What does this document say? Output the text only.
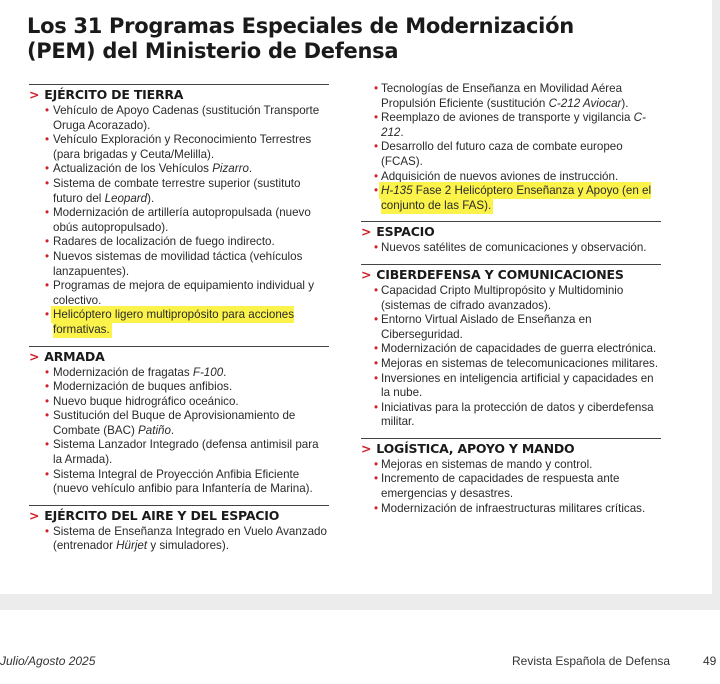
Los 31 Programas Especiales de Modernización (PEM) del Ministerio de Defensa
> EJÉRCITO DE TIERRA
• Vehículo de Apoyo Cadenas (sustitución Transporte Oruga Acorazado).
• Vehículo Exploración y Reconocimiento Terrestres (para brigadas y Ceuta/Melilla).
• Actualización de los Vehículos Pizarro.
• Sistema de combate terrestre superior (sustituto futuro del Leopard).
• Modernización de artillería autopropulsada (nuevo obús autopropulsado).
• Radares de localización de fuego indirecto.
• Nuevos sistemas de movilidad táctica (vehículos lanzapuentes).
• Programas de mejora de equipamiento individual y colectivo.
• Helicóptero ligero multipropósito para acciones formativas.
> ARMADA
• Modernización de fragatas F-100.
• Modernización de buques anfibios.
• Nuevo buque hidrográfico oceánico.
• Sustitución del Buque de Aprovisionamiento de Combate (BAC) Patiño.
• Sistema Lanzador Integrado (defensa antimisil para la Armada).
• Sistema Integral de Proyección Anfibia Eficiente (nuevo vehículo anfibio para Infantería de Marina).
> EJÉRCITO DEL AIRE Y DEL ESPACIO
• Sistema de Enseñanza Integrado en Vuelo Avanzado (entrenador Hürjet y simuladores).
• Tecnologías de Enseñanza en Movilidad Aérea Propulsión Eficiente (sustitución C-212 Aviocar).
• Reemplazo de aviones de transporte y vigilancia C-212.
• Desarrollo del futuro caza de combate europeo (FCAS).
• Adquisición de nuevos aviones de instrucción.
• H-135 Fase 2 Helicóptero Enseñanza y Apoyo (en el conjunto de las FAS).
> ESPACIO
• Nuevos satélites de comunicaciones y observación.
> CIBERDEFENSA Y COMUNICACIONES
• Capacidad Cripto Multipropósito y Multidominio (sistemas de cifrado avanzados).
• Entorno Virtual Aislado de Enseñanza en Ciberseguridad.
• Modernización de capacidades de guerra electrónica.
• Mejoras en sistemas de telecomunicaciones militares.
• Inversiones en inteligencia artificial y capacidades en la nube.
• Iniciativas para la protección de datos y ciberdefensa militar.
> LOGÍSTICA, APOYO Y MANDO
• Mejoras en sistemas de mando y control.
• Incremento de capacidades de respuesta ante emergencias y desastres.
• Modernización de infraestructuras militares críticas.
Julio/Agosto 2025	Revista Española de Defensa	49
